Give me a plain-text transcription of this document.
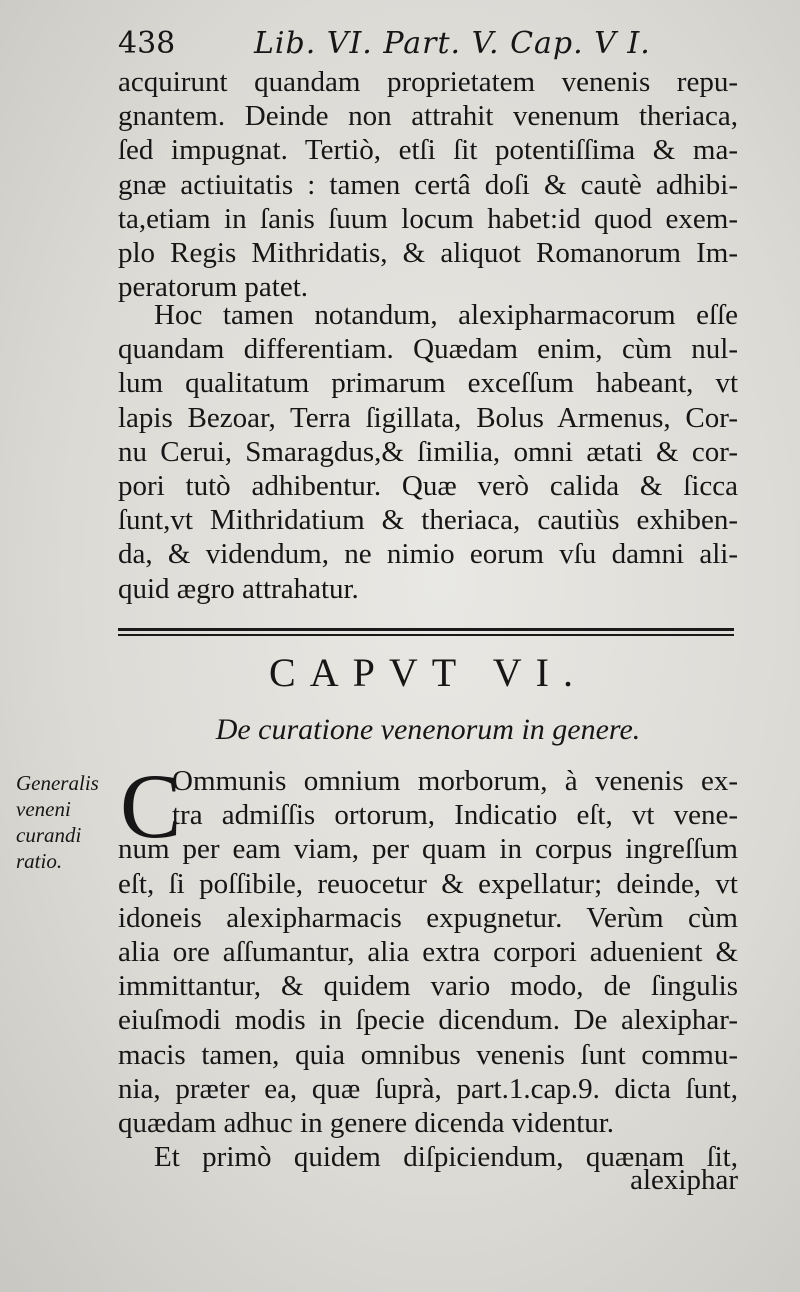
438	Lib. VI. Part. V. Cap. V I.
acquirunt quandam proprietatem venenis repu-
gnantem. Deinde non attrahit venenum theriaca,
ſed impugnat. Tertiò, etſi ſit potentiſſima & ma-
gnæ actiuitatis : tamen certâ doſi & cautè adhibi-
ta,etiam in ſanis ſuum locum habet:id quod exem-
plo Regis Mithridatis, & aliquot Romanorum Im-
peratorum patet.
Hoc tamen notandum, alexipharmacorum eſſe
quandam differentiam. Quædam enim, cùm nul-
lum qualitatum primarum exceſſum habeant, vt
lapis Bezoar, Terra ſigillata, Bolus Armenus, Cor-
nu Cerui, Smaragdus,& ſimilia, omni ætati & cor-
pori tutò adhibentur. Quæ verò calida & ſicca
ſunt,vt Mithridatium & theriaca, cautiùs exhiben-
da, & videndum, ne nimio eorum vſu damni ali-
quid ægro attrahatur.
CAPVT VI.
De curatione venenorum in genere.
Generalis
veneni
curandi
ratio.
C
Ommunis omnium morborum, à venenis ex-
tra admiſſis ortorum, Indicatio eſt, vt vene-
num per eam viam, per quam in corpus ingreſſum
eſt, ſi poſſibile, reuocetur & expellatur; deinde, vt
idoneis alexipharmacis expugnetur. Verùm cùm
alia ore aſſumantur, alia extra corpori aduenient &
immittantur, & quidem vario modo, de ſingulis
eiuſmodi modis in ſpecie dicendum. De alexiphar-
macis tamen, quia omnibus venenis ſunt commu-
nia, præter ea, quæ ſuprà, part.1.cap.9. dicta ſunt,
quædam adhuc in genere dicenda videntur.
Et primò quidem diſpiciendum, quænam ſit,
alexiphar
